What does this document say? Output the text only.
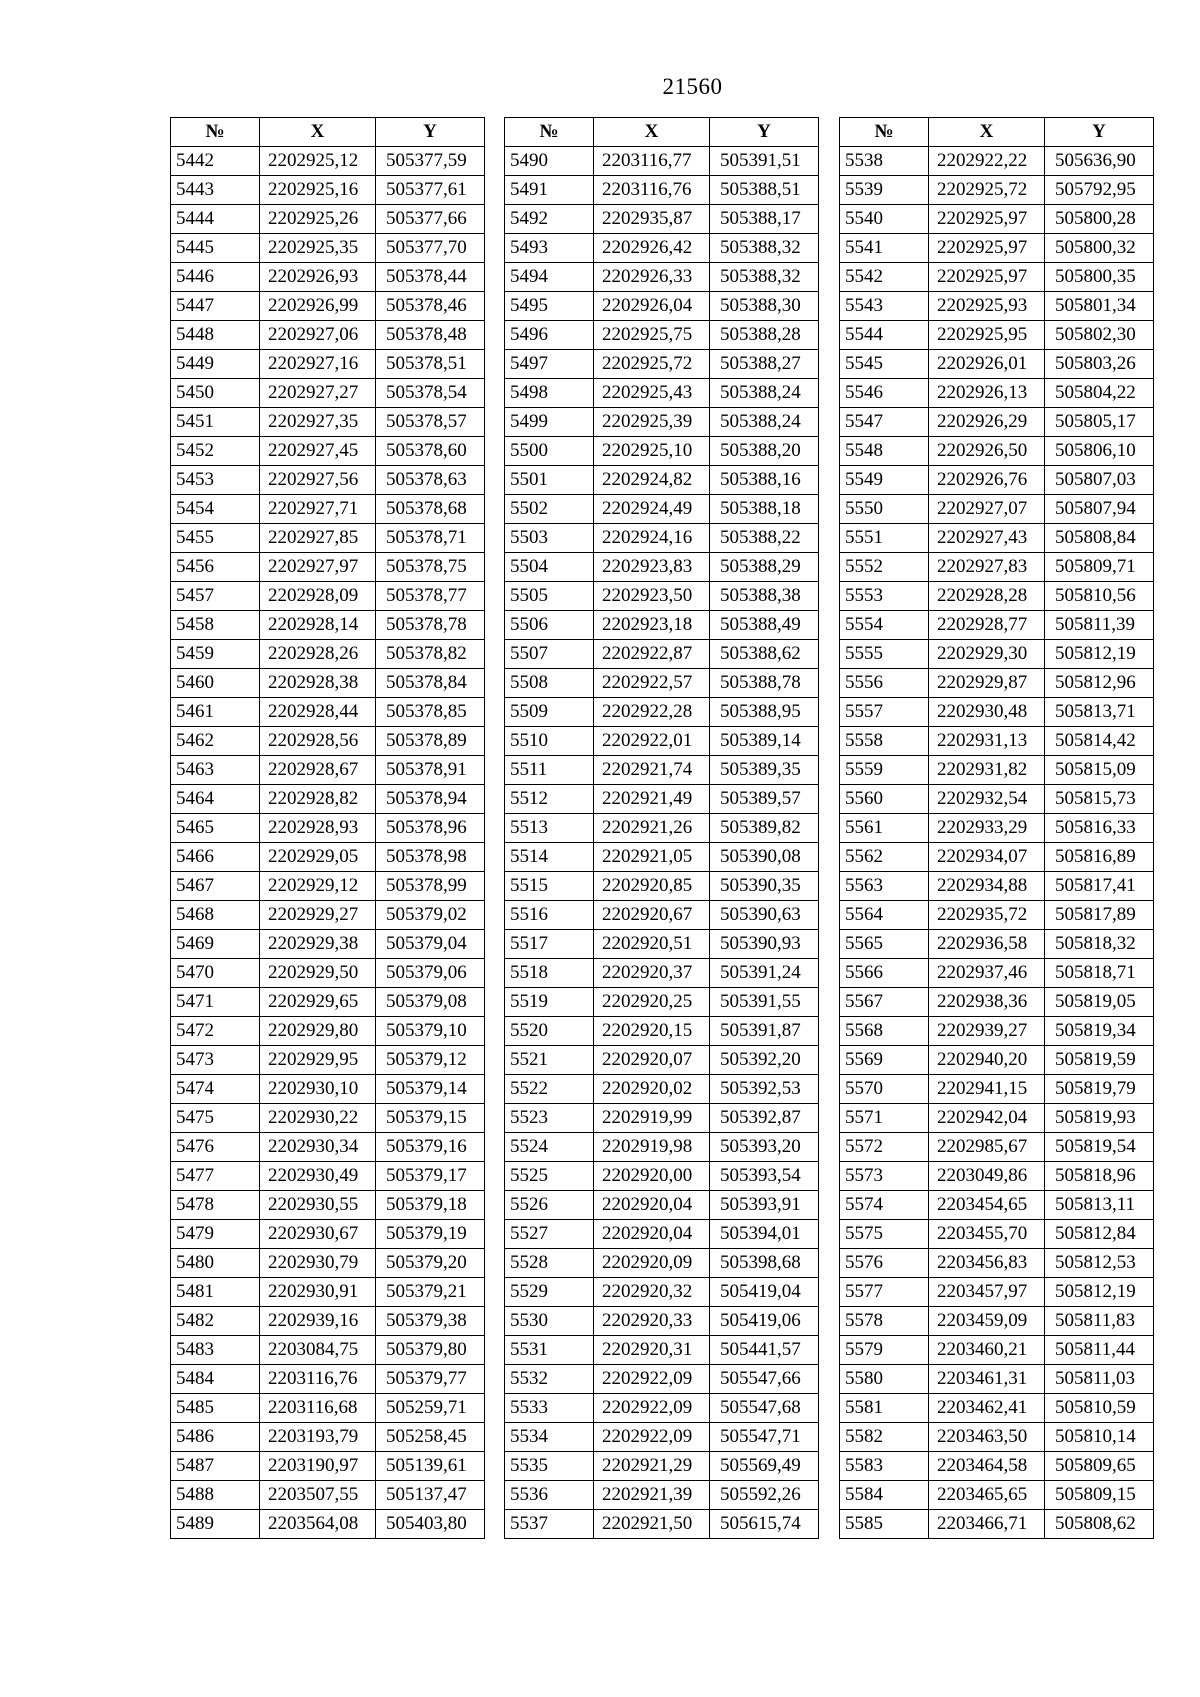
21560
№	X	Y
5442	2202925,12	505377,59
5443	2202925,16	505377,61
5444	2202925,26	505377,66
5445	2202925,35	505377,70
5446	2202926,93	505378,44
5447	2202926,99	505378,46
5448	2202927,06	505378,48
5449	2202927,16	505378,51
5450	2202927,27	505378,54
5451	2202927,35	505378,57
5452	2202927,45	505378,60
5453	2202927,56	505378,63
5454	2202927,71	505378,68
5455	2202927,85	505378,71
5456	2202927,97	505378,75
5457	2202928,09	505378,77
5458	2202928,14	505378,78
5459	2202928,26	505378,82
5460	2202928,38	505378,84
5461	2202928,44	505378,85
5462	2202928,56	505378,89
5463	2202928,67	505378,91
5464	2202928,82	505378,94
5465	2202928,93	505378,96
5466	2202929,05	505378,98
5467	2202929,12	505378,99
5468	2202929,27	505379,02
5469	2202929,38	505379,04
5470	2202929,50	505379,06
5471	2202929,65	505379,08
5472	2202929,80	505379,10
5473	2202929,95	505379,12
5474	2202930,10	505379,14
5475	2202930,22	505379,15
5476	2202930,34	505379,16
5477	2202930,49	505379,17
5478	2202930,55	505379,18
5479	2202930,67	505379,19
5480	2202930,79	505379,20
5481	2202930,91	505379,21
5482	2202939,16	505379,38
5483	2203084,75	505379,80
5484	2203116,76	505379,77
5485	2203116,68	505259,71
5486	2203193,79	505258,45
5487	2203190,97	505139,61
5488	2203507,55	505137,47
5489	2203564,08	505403,80
№	X	Y
5490	2203116,77	505391,51
5491	2203116,76	505388,51
5492	2202935,87	505388,17
5493	2202926,42	505388,32
5494	2202926,33	505388,32
5495	2202926,04	505388,30
5496	2202925,75	505388,28
5497	2202925,72	505388,27
5498	2202925,43	505388,24
5499	2202925,39	505388,24
5500	2202925,10	505388,20
5501	2202924,82	505388,16
5502	2202924,49	505388,18
5503	2202924,16	505388,22
5504	2202923,83	505388,29
5505	2202923,50	505388,38
5506	2202923,18	505388,49
5507	2202922,87	505388,62
5508	2202922,57	505388,78
5509	2202922,28	505388,95
5510	2202922,01	505389,14
5511	2202921,74	505389,35
5512	2202921,49	505389,57
5513	2202921,26	505389,82
5514	2202921,05	505390,08
5515	2202920,85	505390,35
5516	2202920,67	505390,63
5517	2202920,51	505390,93
5518	2202920,37	505391,24
5519	2202920,25	505391,55
5520	2202920,15	505391,87
5521	2202920,07	505392,20
5522	2202920,02	505392,53
5523	2202919,99	505392,87
5524	2202919,98	505393,20
5525	2202920,00	505393,54
5526	2202920,04	505393,91
5527	2202920,04	505394,01
5528	2202920,09	505398,68
5529	2202920,32	505419,04
5530	2202920,33	505419,06
5531	2202920,31	505441,57
5532	2202922,09	505547,66
5533	2202922,09	505547,68
5534	2202922,09	505547,71
5535	2202921,29	505569,49
5536	2202921,39	505592,26
5537	2202921,50	505615,74
№	X	Y
5538	2202922,22	505636,90
5539	2202925,72	505792,95
5540	2202925,97	505800,28
5541	2202925,97	505800,32
5542	2202925,97	505800,35
5543	2202925,93	505801,34
5544	2202925,95	505802,30
5545	2202926,01	505803,26
5546	2202926,13	505804,22
5547	2202926,29	505805,17
5548	2202926,50	505806,10
5549	2202926,76	505807,03
5550	2202927,07	505807,94
5551	2202927,43	505808,84
5552	2202927,83	505809,71
5553	2202928,28	505810,56
5554	2202928,77	505811,39
5555	2202929,30	505812,19
5556	2202929,87	505812,96
5557	2202930,48	505813,71
5558	2202931,13	505814,42
5559	2202931,82	505815,09
5560	2202932,54	505815,73
5561	2202933,29	505816,33
5562	2202934,07	505816,89
5563	2202934,88	505817,41
5564	2202935,72	505817,89
5565	2202936,58	505818,32
5566	2202937,46	505818,71
5567	2202938,36	505819,05
5568	2202939,27	505819,34
5569	2202940,20	505819,59
5570	2202941,15	505819,79
5571	2202942,04	505819,93
5572	2202985,67	505819,54
5573	2203049,86	505818,96
5574	2203454,65	505813,11
5575	2203455,70	505812,84
5576	2203456,83	505812,53
5577	2203457,97	505812,19
5578	2203459,09	505811,83
5579	2203460,21	505811,44
5580	2203461,31	505811,03
5581	2203462,41	505810,59
5582	2203463,50	505810,14
5583	2203464,58	505809,65
5584	2203465,65	505809,15
5585	2203466,71	505808,62
